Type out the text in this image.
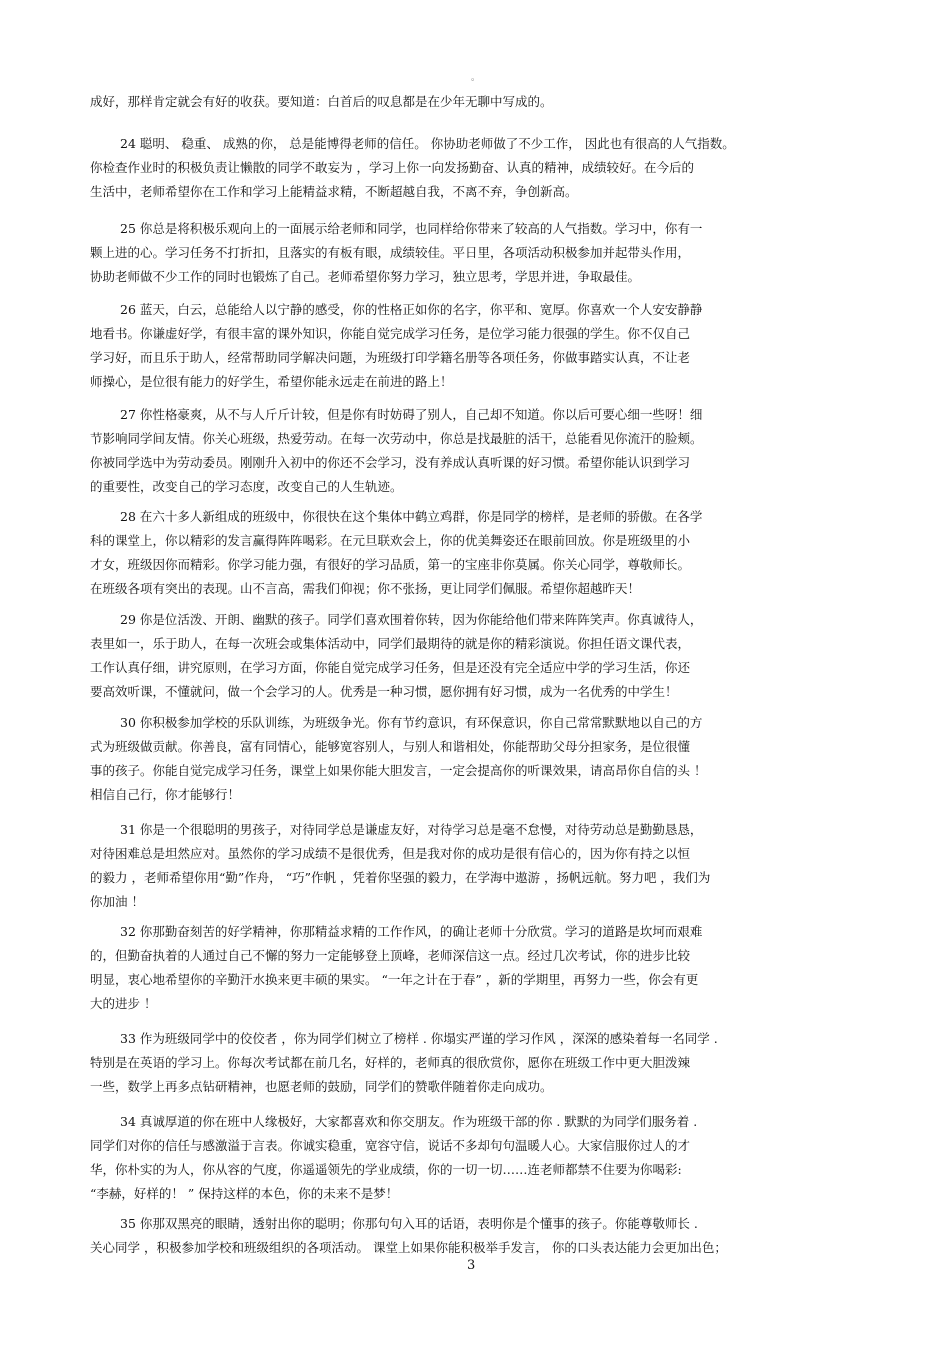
。
成好，那样肯定就会有好的收获。要知道：白首后的叹息都是在少年无聊中写成的。
24 聪明、 稳重、 成熟的你， 总是能博得老师的信任。 你协助老师做了不少工作， 因此也有很高的人气指数。
你检查作业时的积极负责让懒散的同学不敢妄为 ，学习上你一向发扬勤奋、认真的精神，成绩较好。在今后的
生活中，老师希望你在工作和学习上能精益求精，不断超越自我，不离不弃，争创新高。
25 你总是将积极乐观向上的一面展示给老师和同学，也同样给你带来了较高的人气指数。学习中，你有一
颗上进的心。学习任务不打折扣，且落实的有板有眼，成绩较佳。平日里，各项活动积极参加并起带头作用，
协助老师做不少工作的同时也锻炼了自己。老师希望你努力学习，独立思考，学思并进，争取最佳。
26 蓝天，白云，总能给人以宁静的感受，你的性格正如你的名字，你平和、宽厚。你喜欢一个人安安静静
地看书。你谦虚好学，有很丰富的课外知识，你能自觉完成学习任务，是位学习能力很强的学生。你不仅自己
学习好，而且乐于助人，经常帮助同学解决问题，为班级打印学籍名册等各项任务，你做事踏实认真，不让老
师操心，是位很有能力的好学生，希望你能永远走在前进的路上！
27 你性格豪爽，从不与人斤斤计较，但是你有时妨碍了别人，自己却不知道。你以后可要心细一些呀！细
节影响同学间友情。你关心班级，热爱劳动。在每一次劳动中，你总是找最脏的活干，总能看见你流汗的脸颊。
你被同学选中为劳动委员。刚刚升入初中的你还不会学习，没有养成认真听课的好习惯。希望你能认识到学习
的重要性，改变自己的学习态度，改变自己的人生轨迹。
28 在六十多人新组成的班级中，你很快在这个集体中鹤立鸡群，你是同学的榜样，是老师的骄傲。在各学
科的课堂上，你以精彩的发言赢得阵阵喝彩。在元旦联欢会上，你的优美舞姿还在眼前回放。你是班级里的小
才女，班级因你而精彩。你学习能力强，有很好的学习品质，第一的宝座非你莫属。你关心同学，尊敬师长。
在班级各项有突出的表现。山不言高，需我们仰视；你不张扬，更让同学们佩服。希望你超越昨天！
29 你是位活泼、开朗、幽默的孩子。同学们喜欢围着你转，因为你能给他们带来阵阵笑声。你真诚待人，
表里如一，乐于助人，在每一次班会或集体活动中，同学们最期待的就是你的精彩演说。你担任语文课代表，
工作认真仔细，讲究原则，在学习方面，你能自觉完成学习任务，但是还没有完全适应中学的学习生活，你还
要高效听课，不懂就问，做一个会学习的人。优秀是一种习惯，愿你拥有好习惯，成为一名优秀的中学生！
30 你积极参加学校的乐队训练，为班级争光。你有节约意识，有环保意识，你自己常常默默地以自己的方
式为班级做贡献。你善良，富有同情心，能够宽容别人，与别人和谐相处，你能帮助父母分担家务，是位很懂
事的孩子。你能自觉完成学习任务，课堂上如果你能大胆发言，一定会提高你的听课效果，请高昂你自信的头 ！
相信自己行，你才能够行！
31 你是一个很聪明的男孩子，对待同学总是谦虚友好，对待学习总是毫不怠慢，对待劳动总是勤勤恳恳，
对待困难总是坦然应对。虽然你的学习成绩不是很优秀，但是我对你的成功是很有信心的，因为你有持之以恒
的毅力 ，老师希望你用“勤”作舟， “巧”作帆 ，凭着你坚强的毅力，在学海中遨游 ，扬帆远航。努力吧 ，我们为
你加油 ！
32 你那勤奋刻苦的好学精神，你那精益求精的工作作风，的确让老师十分欣赏。学习的道路是坎坷而艰难
的，但勤奋执着的人通过自己不懈的努力一定能够登上顶峰，老师深信这一点。经过几次考试，你的进步比较
明显，衷心地希望你的辛勤汗水换来更丰硕的果实。 “一年之计在于春” ，新的学期里，再努力一些，你会有更
大的进步 ！
33 作为班级同学中的佼佼者 ，你为同学们树立了榜样 . 你塌实严谨的学习作风 ，深深的感染着每一名同学 .
特别是在英语的学习上。你每次考试都在前几名，好样的，老师真的很欣赏你，愿你在班级工作中更大胆泼辣
一些，数学上再多点钻研精神，也愿老师的鼓励，同学们的赞歌伴随着你走向成功。
34 真诚厚道的你在班中人缘极好，大家都喜欢和你交朋友。作为班级干部的你 . 默默的为同学们服务着 .
同学们对你的信任与感激溢于言表。你诚实稳重，宽容守信，说话不多却句句温暖人心。大家信服你过人的才
华，你朴实的为人，你从容的气度，你遥遥领先的学业成绩，你的一切一切……连老师都禁不住要为你喝彩:
“李赫，好样的！ ” 保持这样的本色，你的未来不是梦！
35 你那双黑亮的眼睛，透射出你的聪明；你那句句入耳的话语，表明你是个懂事的孩子。你能尊敬师长 .
关心同学 ，积极参加学校和班级组织的各项活动。 课堂上如果你能积极举手发言， 你的口头表达能力会更加出色；
3
